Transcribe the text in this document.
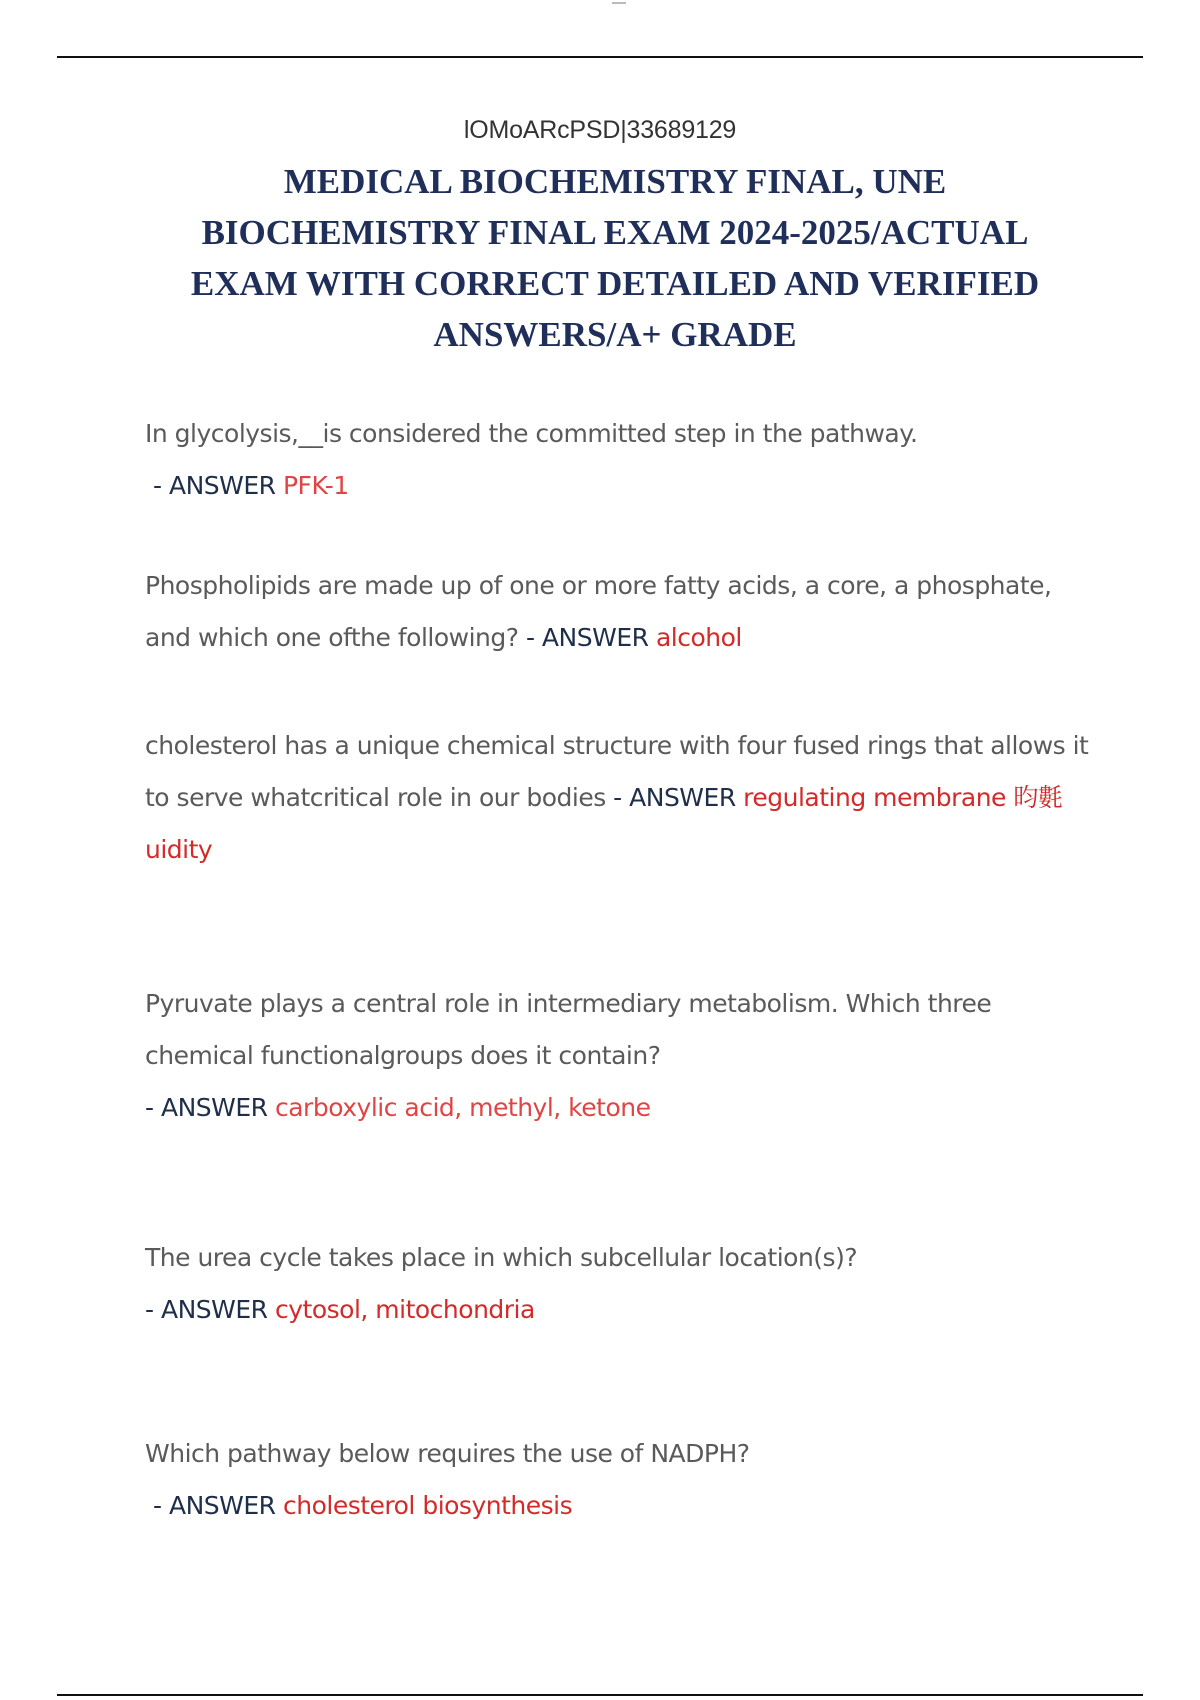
lOMoARcPSD|33689129
MEDICAL BIOCHEMISTRY FINAL, UNE BIOCHEMISTRY FINAL EXAM 2024-2025/ACTUAL EXAM WITH CORRECT DETAILED AND VERIFIED ANSWERS/A+ GRADE
In glycolysis,__is considered the committed step in the pathway.
- ANSWER PFK-1
Phospholipids are made up of one or more fatty acids, a core, a phosphate, and which one ofthe following? - ANSWER alcohol
cholesterol has a unique chemical structure with four fused rings that allows it to serve whatcritical role in our bodies - ANSWER regulating membrane 昀氀uidity
Pyruvate plays a central role in intermediary metabolism. Which three chemical functionalgroups does it contain?
- ANSWER carboxylic acid, methyl, ketone
The urea cycle takes place in which subcellular location(s)?
- ANSWER cytosol, mitochondria
Which pathway below requires the use of NADPH?
- ANSWER cholesterol biosynthesis
